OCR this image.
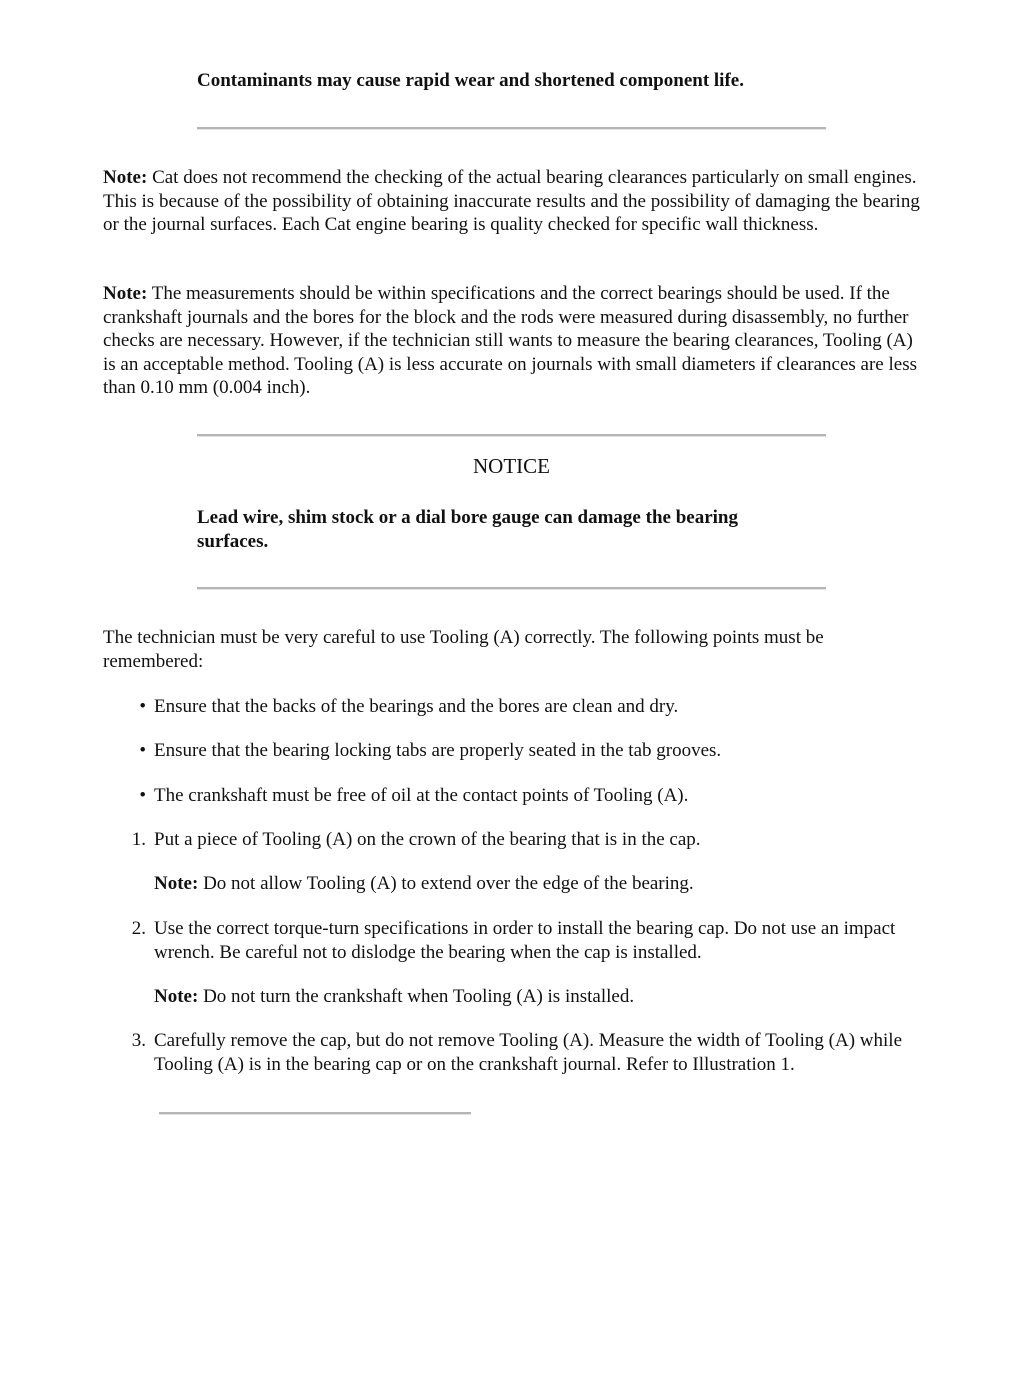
Contaminants may cause rapid wear and shortened component life.
Note: Cat does not recommend the checking of the actual bearing clearances particularly on small engines. This is because of the possibility of obtaining inaccurate results and the possibility of damaging the bearing or the journal surfaces. Each Cat engine bearing is quality checked for specific wall thickness.
Note: The measurements should be within specifications and the correct bearings should be used. If the crankshaft journals and the bores for the block and the rods were measured during disassembly, no further checks are necessary. However, if the technician still wants to measure the bearing clearances, Tooling (A) is an acceptable method. Tooling (A) is less accurate on journals with small diameters if clearances are less than 0.10 mm (0.004 inch).
NOTICE
Lead wire, shim stock or a dial bore gauge can damage the bearing surfaces.
The technician must be very careful to use Tooling (A) correctly. The following points must be remembered:
• Ensure that the backs of the bearings and the bores are clean and dry.
• Ensure that the bearing locking tabs are properly seated in the tab grooves.
• The crankshaft must be free of oil at the contact points of Tooling (A).
1. Put a piece of Tooling (A) on the crown of the bearing that is in the cap.
Note: Do not allow Tooling (A) to extend over the edge of the bearing.
2. Use the correct torque-turn specifications in order to install the bearing cap. Do not use an impact wrench. Be careful not to dislodge the bearing when the cap is installed.
Note: Do not turn the crankshaft when Tooling (A) is installed.
3. Carefully remove the cap, but do not remove Tooling (A). Measure the width of Tooling (A) while Tooling (A) is in the bearing cap or on the crankshaft journal. Refer to Illustration 1.
